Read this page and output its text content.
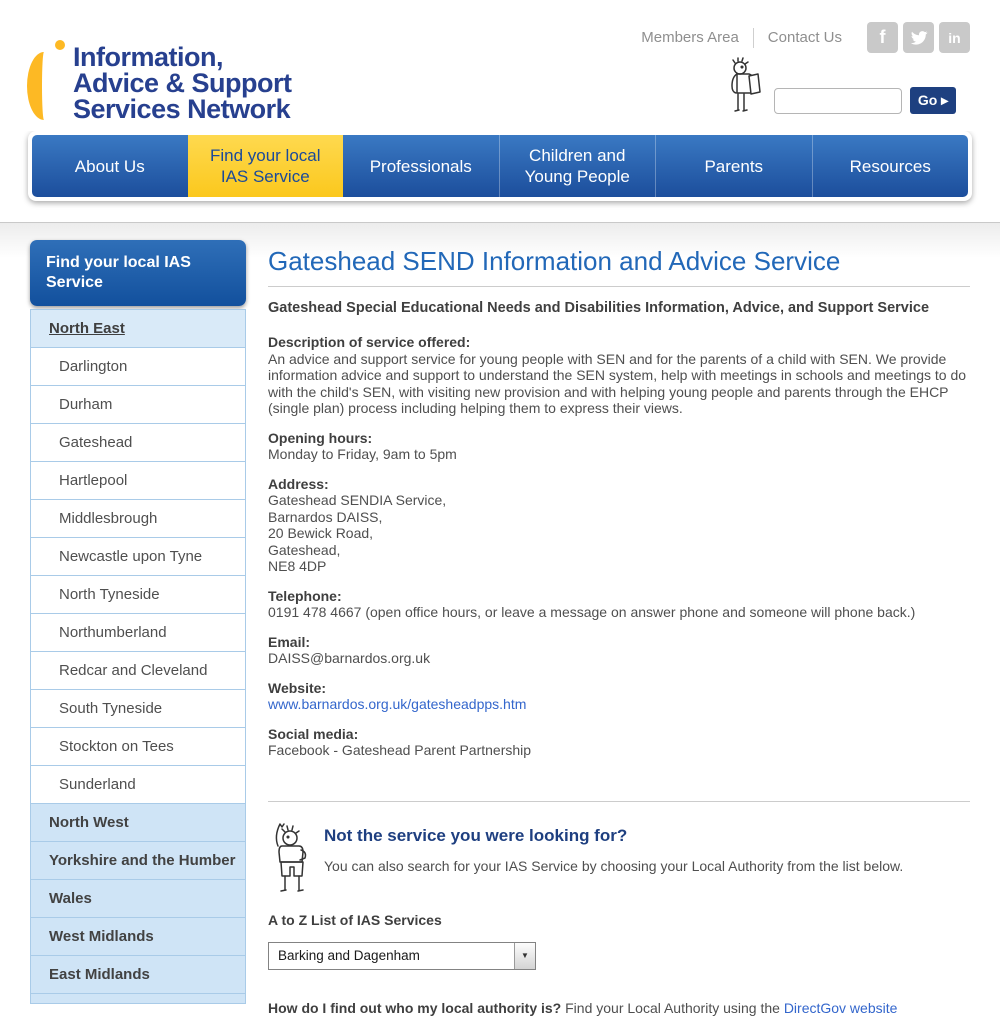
Information,
Advice & Support
Services Network
Members Area Contact Us	f	in
Go ▸
About Us
Find your local IAS Service
Professionals
Children and Young People
Parents	Resources
Find your local IAS Service
North East
Darlington
Durham
Gateshead
Hartlepool
Middlesbrough
Newcastle upon Tyne
North Tyneside
Northumberland
Redcar and Cleveland
South Tyneside
Stockton on Tees
Sunderland
North West
Yorkshire and the Humber
Wales
West Midlands
East Midlands
Gateshead SEND Information and Advice Service
Gateshead Special Educational Needs and Disabilities Information, Advice, and Support Service
Description of service offered:
An advice and support service for young people with SEN and for the parents of a child with SEN. We provide information advice and support to understand the SEN system, help with meetings in schools and meetings to do with the child's SEN, with visiting new provision and with helping young people and parents through the EHCP (single plan) process including helping them to express their views.
Opening hours:
Monday to Friday, 9am to 5pm
Address:
Gateshead SENDIA Service,
Barnardos DAISS,
20 Bewick Road,
Gateshead,
NE8 4DP
Telephone:
0191 478 4667 (open office hours, or leave a message on answer phone and someone will phone back.)
Email:
DAISS@barnardos.org.uk
Website:
www.barnardos.org.uk/gatesheadpps.htm
Social media:
Facebook - Gateshead Parent Partnership
Not the service you were looking for?

You can also search for your IAS Service by choosing your Local Authority from the list below.

A to Z List of IAS Services
Barking and Dagenham	▼
How do I find out who my local authority is? Find your Local Authority using the DirectGov website
